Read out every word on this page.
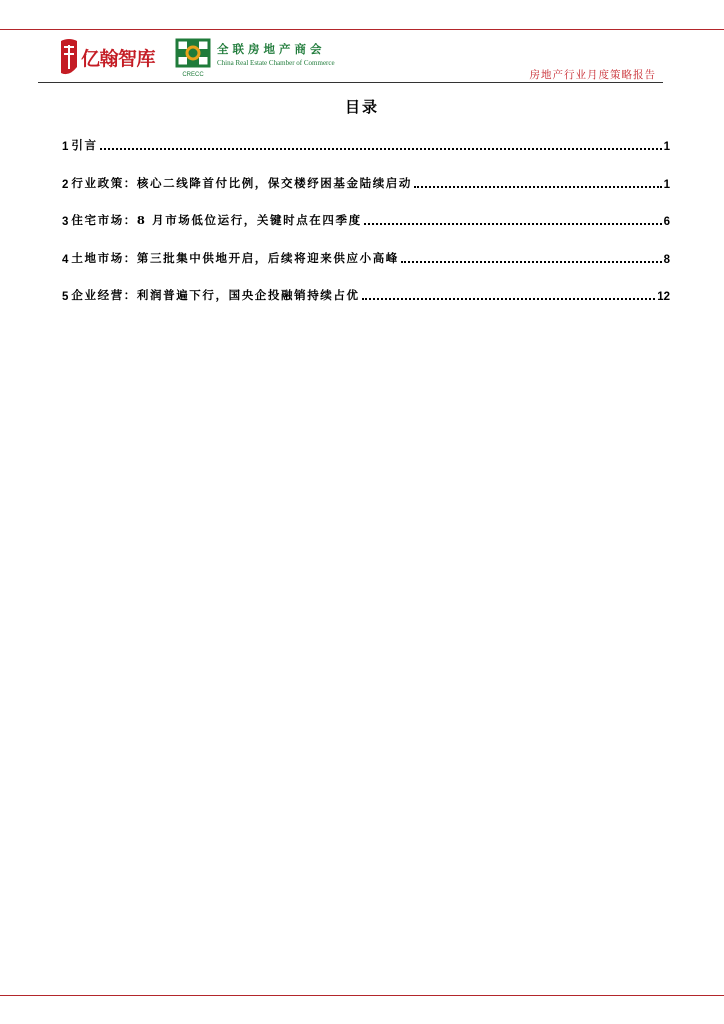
亿翰智库
CRECC
全联房地产商会
China Real Estate Chamber of Commerce
房地产行业月度策略报告
目录
1 引言	1
2 行业政策：核心二线降首付比例，保交楼纾困基金陆续启动	1
3 住宅市场：8 月市场低位运行，关键时点在四季度	6
4 土地市场：第三批集中供地开启，后续将迎来供应小高峰	8
5 企业经营：利润普遍下行，国央企投融销持续占优	12
